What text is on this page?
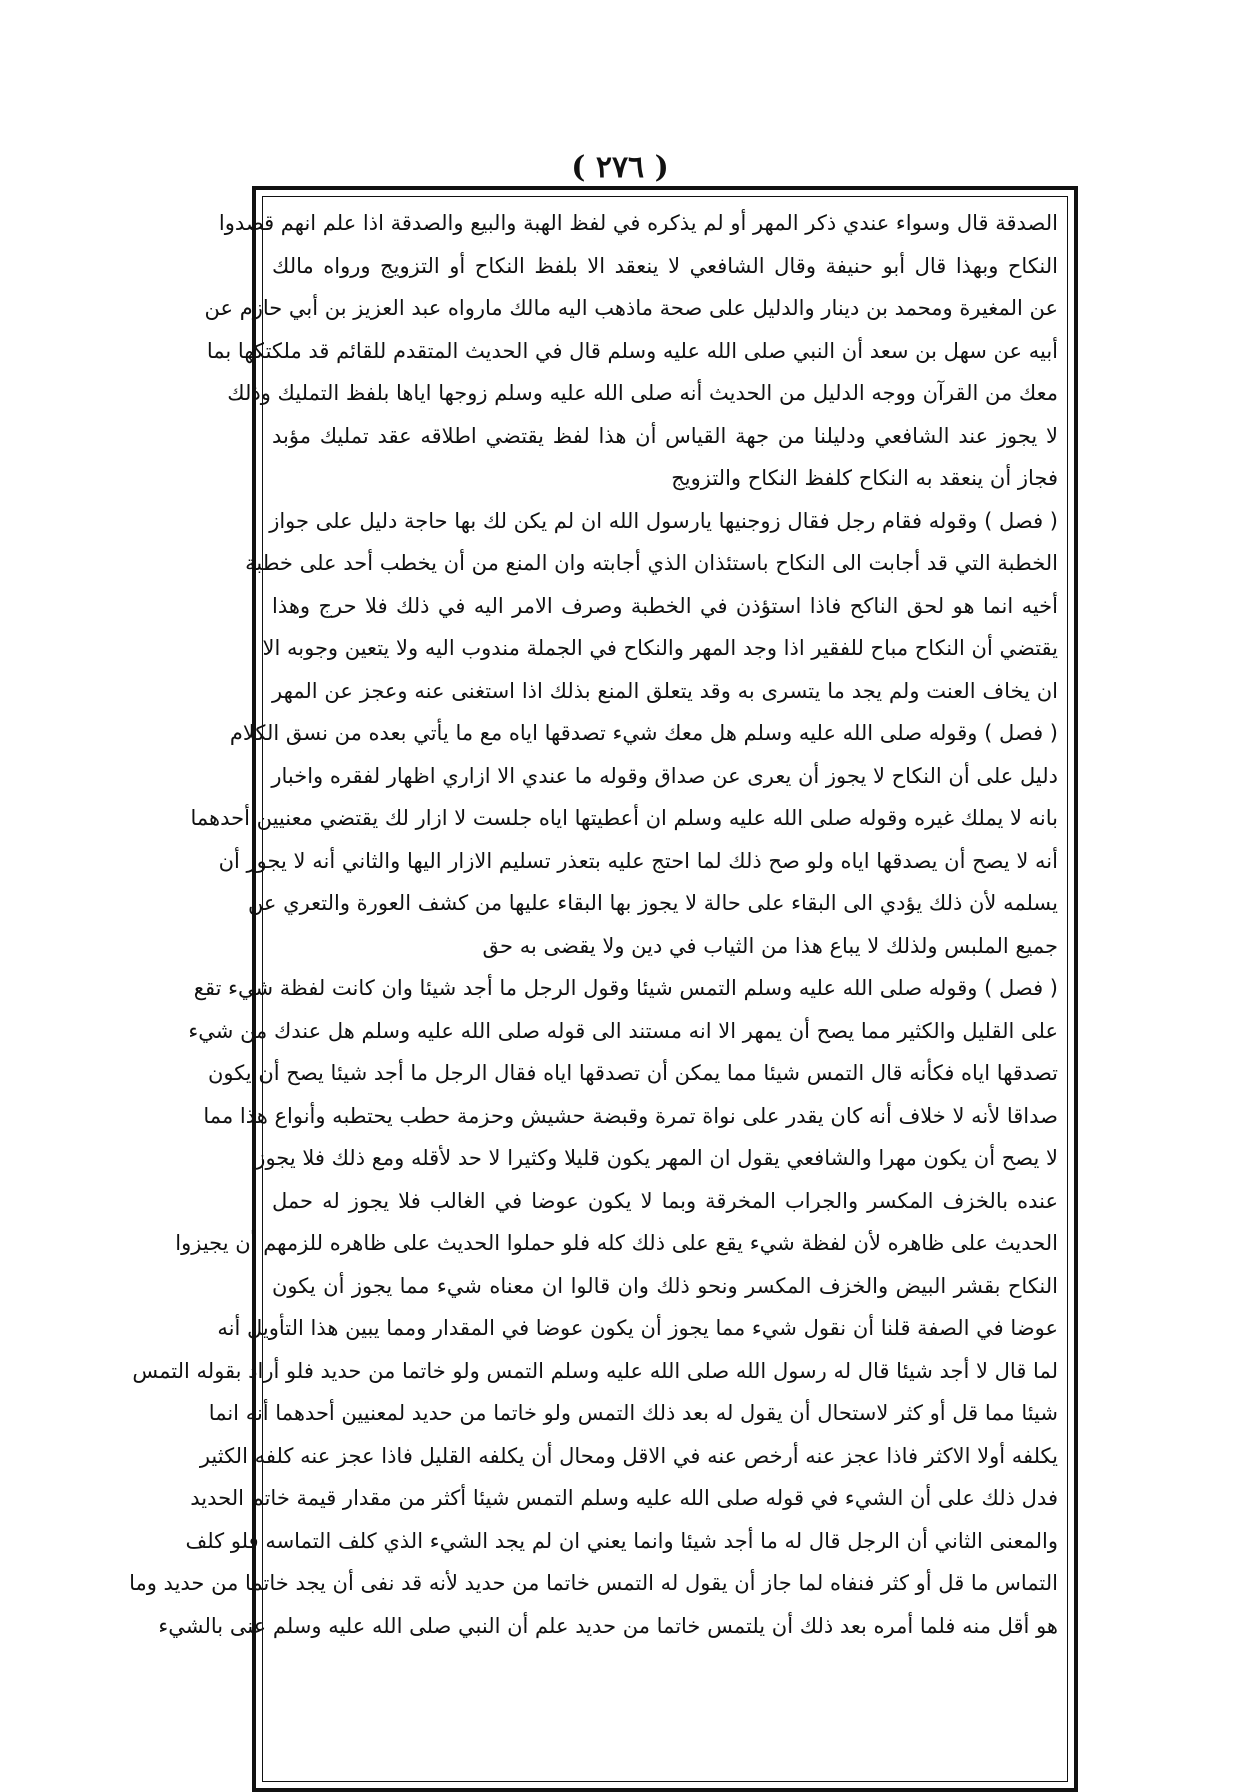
( ٢٧٦ )
الصدقة قال وسواء عندي ذكر المهر أو لم يذكره في لفظ الهبة والبيع والصدقة اذا علم انهم قصدوا
النكاح وبهذا قال أبو حنيفة وقال الشافعي لا ينعقد الا بلفظ النكاح أو التزويج ورواه مالك
عن المغيرة ومحمد بن دينار والدليل على صحة ماذهب اليه مالك مارواه عبد العزيز بن أبي حازم عن
أبيه عن سهل بن سعد أن النبي صلى الله عليه وسلم قال في الحديث المتقدم للقائم قد ملكتكها بما
معك من القرآن ووجه الدليل من الحديث أنه صلى الله عليه وسلم زوجها اياها بلفظ التمليك وذلك
لا يجوز عند الشافعي ودليلنا من جهة القياس أن هذا لفظ يقتضي اطلاقه عقد تمليك مؤبد
فجاز أن ينعقد به النكاح كلفظ النكاح والتزويج
( فصل ) وقوله فقام رجل فقال زوجنيها يارسول الله ان لم يكن لك بها حاجة دليل على جواز
الخطبة التي قد أجابت الى النكاح باستئذان الذي أجابته وان المنع من أن يخطب أحد على خطبة
أخيه انما هو لحق الناكح فاذا استؤذن في الخطبة وصرف الامر اليه في ذلك فلا حرج وهذا
يقتضي أن النكاح مباح للفقير اذا وجد المهر والنكاح في الجملة مندوب اليه ولا يتعين وجوبه الا
ان يخاف العنت ولم يجد ما يتسرى به وقد يتعلق المنع بذلك اذا استغنى عنه وعجز عن المهر
( فصل ) وقوله صلى الله عليه وسلم هل معك شيء تصدقها اياه مع ما يأتي بعده من نسق الكلام
دليل على أن النكاح لا يجوز أن يعرى عن صداق وقوله ما عندي الا ازاري اظهار لفقره واخبار
بانه لا يملك غيره وقوله صلى الله عليه وسلم ان أعطيتها اياه جلست لا ازار لك يقتضي معنيين أحدهما
أنه لا يصح أن يصدقها اياه ولو صح ذلك لما احتج عليه بتعذر تسليم الازار اليها والثاني أنه لا يجوز أن
يسلمه لأن ذلك يؤدي الى البقاء على حالة لا يجوز بها البقاء عليها من كشف العورة والتعري عن
جميع الملبس ولذلك لا يباع هذا من الثياب في دين ولا يقضى به حق
( فصل ) وقوله صلى الله عليه وسلم التمس شيئا وقول الرجل ما أجد شيئا وان كانت لفظة شيء تقع
على القليل والكثير مما يصح أن يمهر الا انه مستند الى قوله صلى الله عليه وسلم هل عندك من شيء
تصدقها اياه فكأنه قال التمس شيئا مما يمكن أن تصدقها اياه فقال الرجل ما أجد شيئا يصح أن يكون
صداقا لأنه لا خلاف أنه كان يقدر على نواة تمرة وقبضة حشيش وحزمة حطب يحتطبه وأنواع هذا مما
لا يصح أن يكون مهرا والشافعي يقول ان المهر يكون قليلا وكثيرا لا حد لأقله ومع ذلك فلا يجوز
عنده بالخزف المكسر والجراب المخرقة وبما لا يكون عوضا في الغالب فلا يجوز له حمل
الحديث على ظاهره لأن لفظة شيء يقع على ذلك كله فلو حملوا الحديث على ظاهره للزمهم أن يجيزوا
النكاح بقشر البيض والخزف المكسر ونحو ذلك وان قالوا ان معناه شيء مما يجوز أن يكون
عوضا في الصفة قلنا أن نقول شيء مما يجوز أن يكون عوضا في المقدار ومما يبين هذا التأويل أنه
لما قال لا أجد شيئا قال له رسول الله صلى الله عليه وسلم التمس ولو خاتما من حديد فلو أراد بقوله التمس
شيئا مما قل أو كثر لاستحال أن يقول له بعد ذلك التمس ولو خاتما من حديد لمعنيين أحدهما أنه انما
يكلفه أولا الاكثر فاذا عجز عنه أرخص عنه في الاقل ومحال أن يكلفه القليل فاذا عجز عنه كلفه الكثير
فدل ذلك على أن الشيء في قوله صلى الله عليه وسلم التمس شيئا أكثر من مقدار قيمة خاتم الحديد
والمعنى الثاني أن الرجل قال له ما أجد شيئا وانما يعني ان لم يجد الشيء الذي كلف التماسه فلو كلف
التماس ما قل أو كثر فنفاه لما جاز أن يقول له التمس خاتما من حديد لأنه قد نفى أن يجد خاتما من حديد وما
هو أقل منه فلما أمره بعد ذلك أن يلتمس خاتما من حديد علم أن النبي صلى الله عليه وسلم عنى بالشيء
